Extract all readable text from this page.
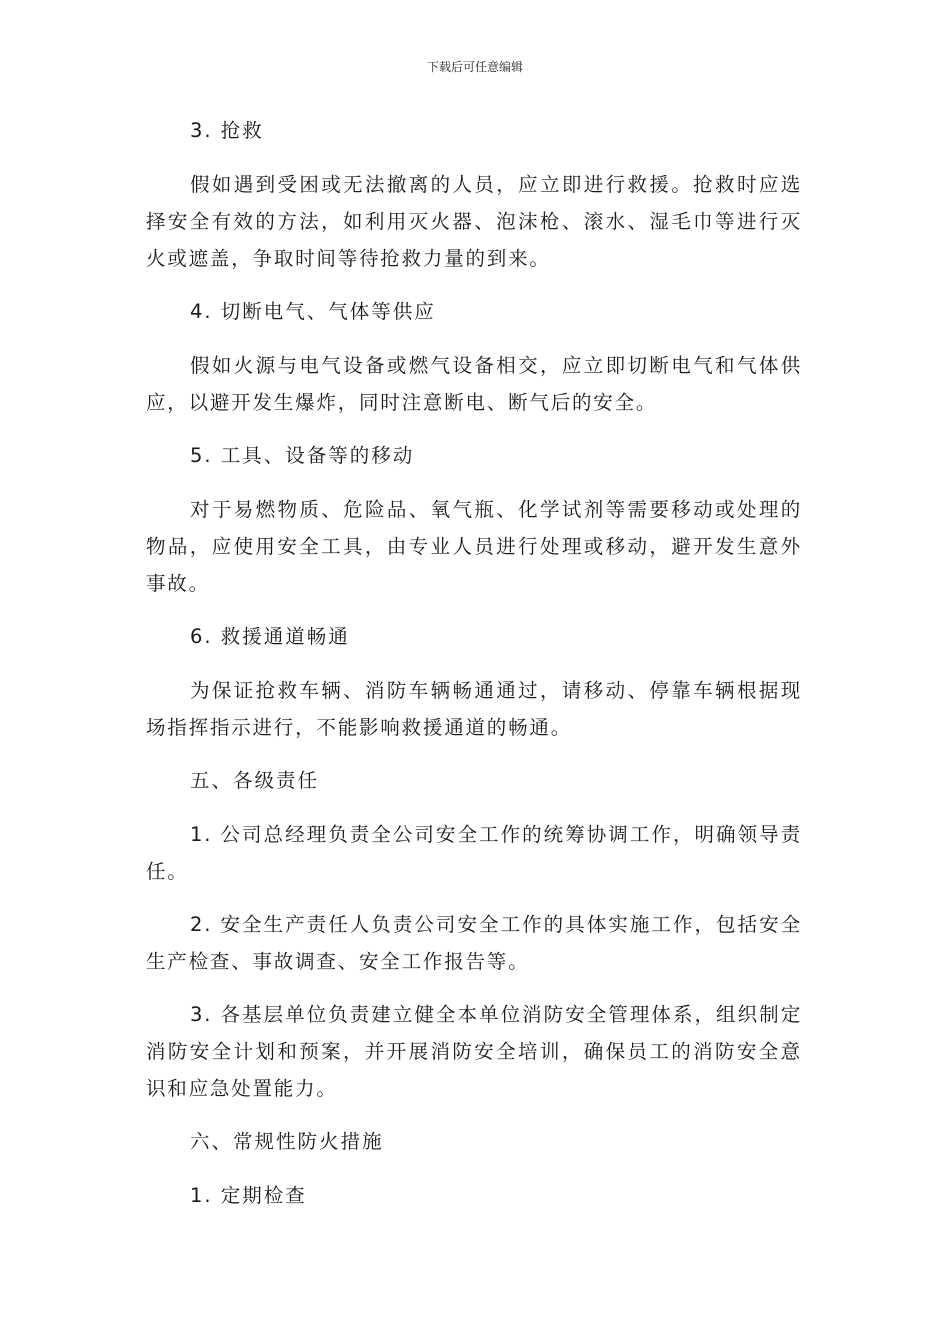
下载后可任意编辑

3. 抢救

假如遇到受困或无法撤离的人员，应立即进行救援。抢救时应选择安全有效的方法，如利用灭火器、泡沫枪、滚水、湿毛巾等进行灭火或遮盖，争取时间等待抢救力量的到来。

4. 切断电气、气体等供应

假如火源与电气设备或燃气设备相交，应立即切断电气和气体供应，以避开发生爆炸，同时注意断电、断气后的安全。

5. 工具、设备等的移动

对于易燃物质、危险品、氧气瓶、化学试剂等需要移动或处理的物品，应使用安全工具，由专业人员进行处理或移动，避开发生意外事故。

6. 救援通道畅通

为保证抢救车辆、消防车辆畅通通过，请移动、停靠车辆根据现场指挥指示进行，不能影响救援通道的畅通。

五、各级责任

1. 公司总经理负责全公司安全工作的统筹协调工作，明确领导责任。

2. 安全生产责任人负责公司安全工作的具体实施工作，包括安全生产检查、事故调查、安全工作报告等。

3. 各基层单位负责建立健全本单位消防安全管理体系，组织制定消防安全计划和预案，并开展消防安全培训，确保员工的消防安全意识和应急处置能力。

六、常规性防火措施

1. 定期检查
